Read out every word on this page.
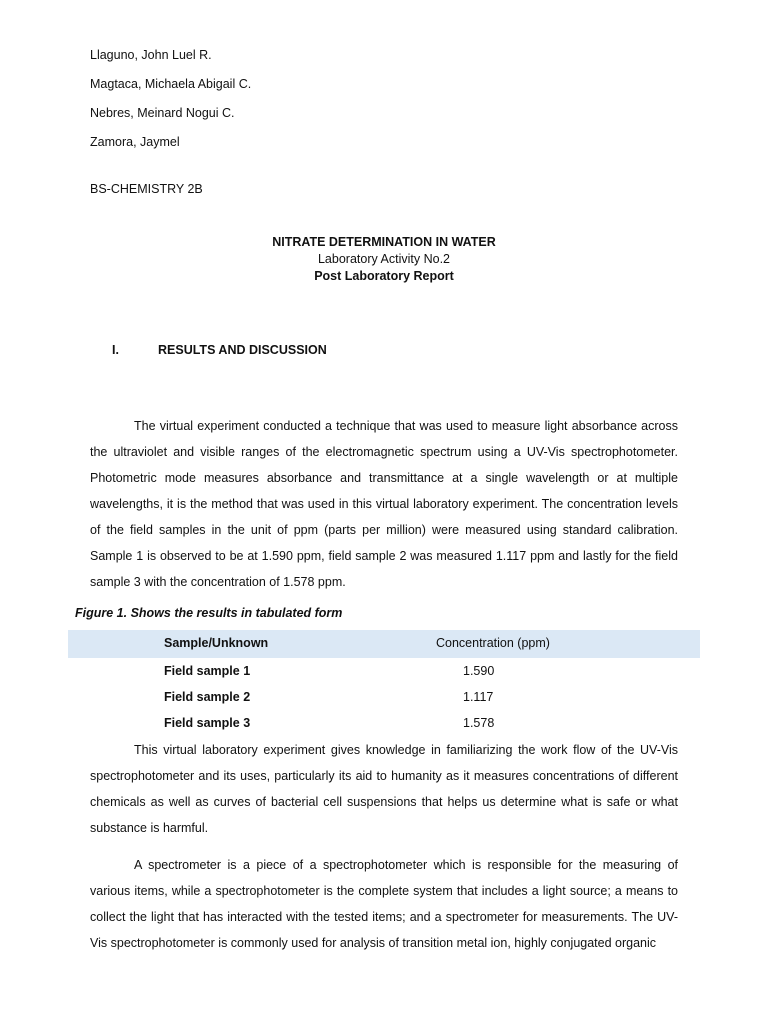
Llaguno, John Luel R.
Magtaca, Michaela Abigail C.
Nebres, Meinard Nogui C.
Zamora, Jaymel
BS-CHEMISTRY 2B
NITRATE DETERMINATION IN WATER
Laboratory Activity No.2
Post Laboratory Report
I.	RESULTS AND DISCUSSION

The virtual experiment conducted a technique that was used to measure light absorbance across the ultraviolet and visible ranges of the electromagnetic spectrum using a UV-Vis spectrophotometer. Photometric mode measures absorbance and transmittance at a single wavelength or at multiple wavelengths, it is the method that was used in this virtual laboratory experiment. The concentration levels of the field samples in the unit of ppm (parts per million) were measured using standard calibration. Sample 1 is observed to be at 1.590 ppm, field sample 2 was measured 1.117 ppm and lastly for the field sample 3 with the concentration of 1.578 ppm.

Figure 1. Shows the results in tabulated form
Sample/Unknown	Concentration (ppm)
Field sample 1	1.590
Field sample 2	1.117
Field sample 3	1.578

This virtual laboratory experiment gives knowledge in familiarizing the work flow of the UV-Vis spectrophotometer and its uses, particularly its aid to humanity as it measures concentrations of different chemicals as well as curves of bacterial cell suspensions that helps us determine what is safe or what substance is harmful.

A spectrometer is a piece of a spectrophotometer which is responsible for the measuring of various items, while a spectrophotometer is the complete system that includes a light source; a means to collect the light that has interacted with the tested items; and a spectrometer for measurements. The UV-Vis spectrophotometer is commonly used for analysis of transition metal ion, highly conjugated organic
